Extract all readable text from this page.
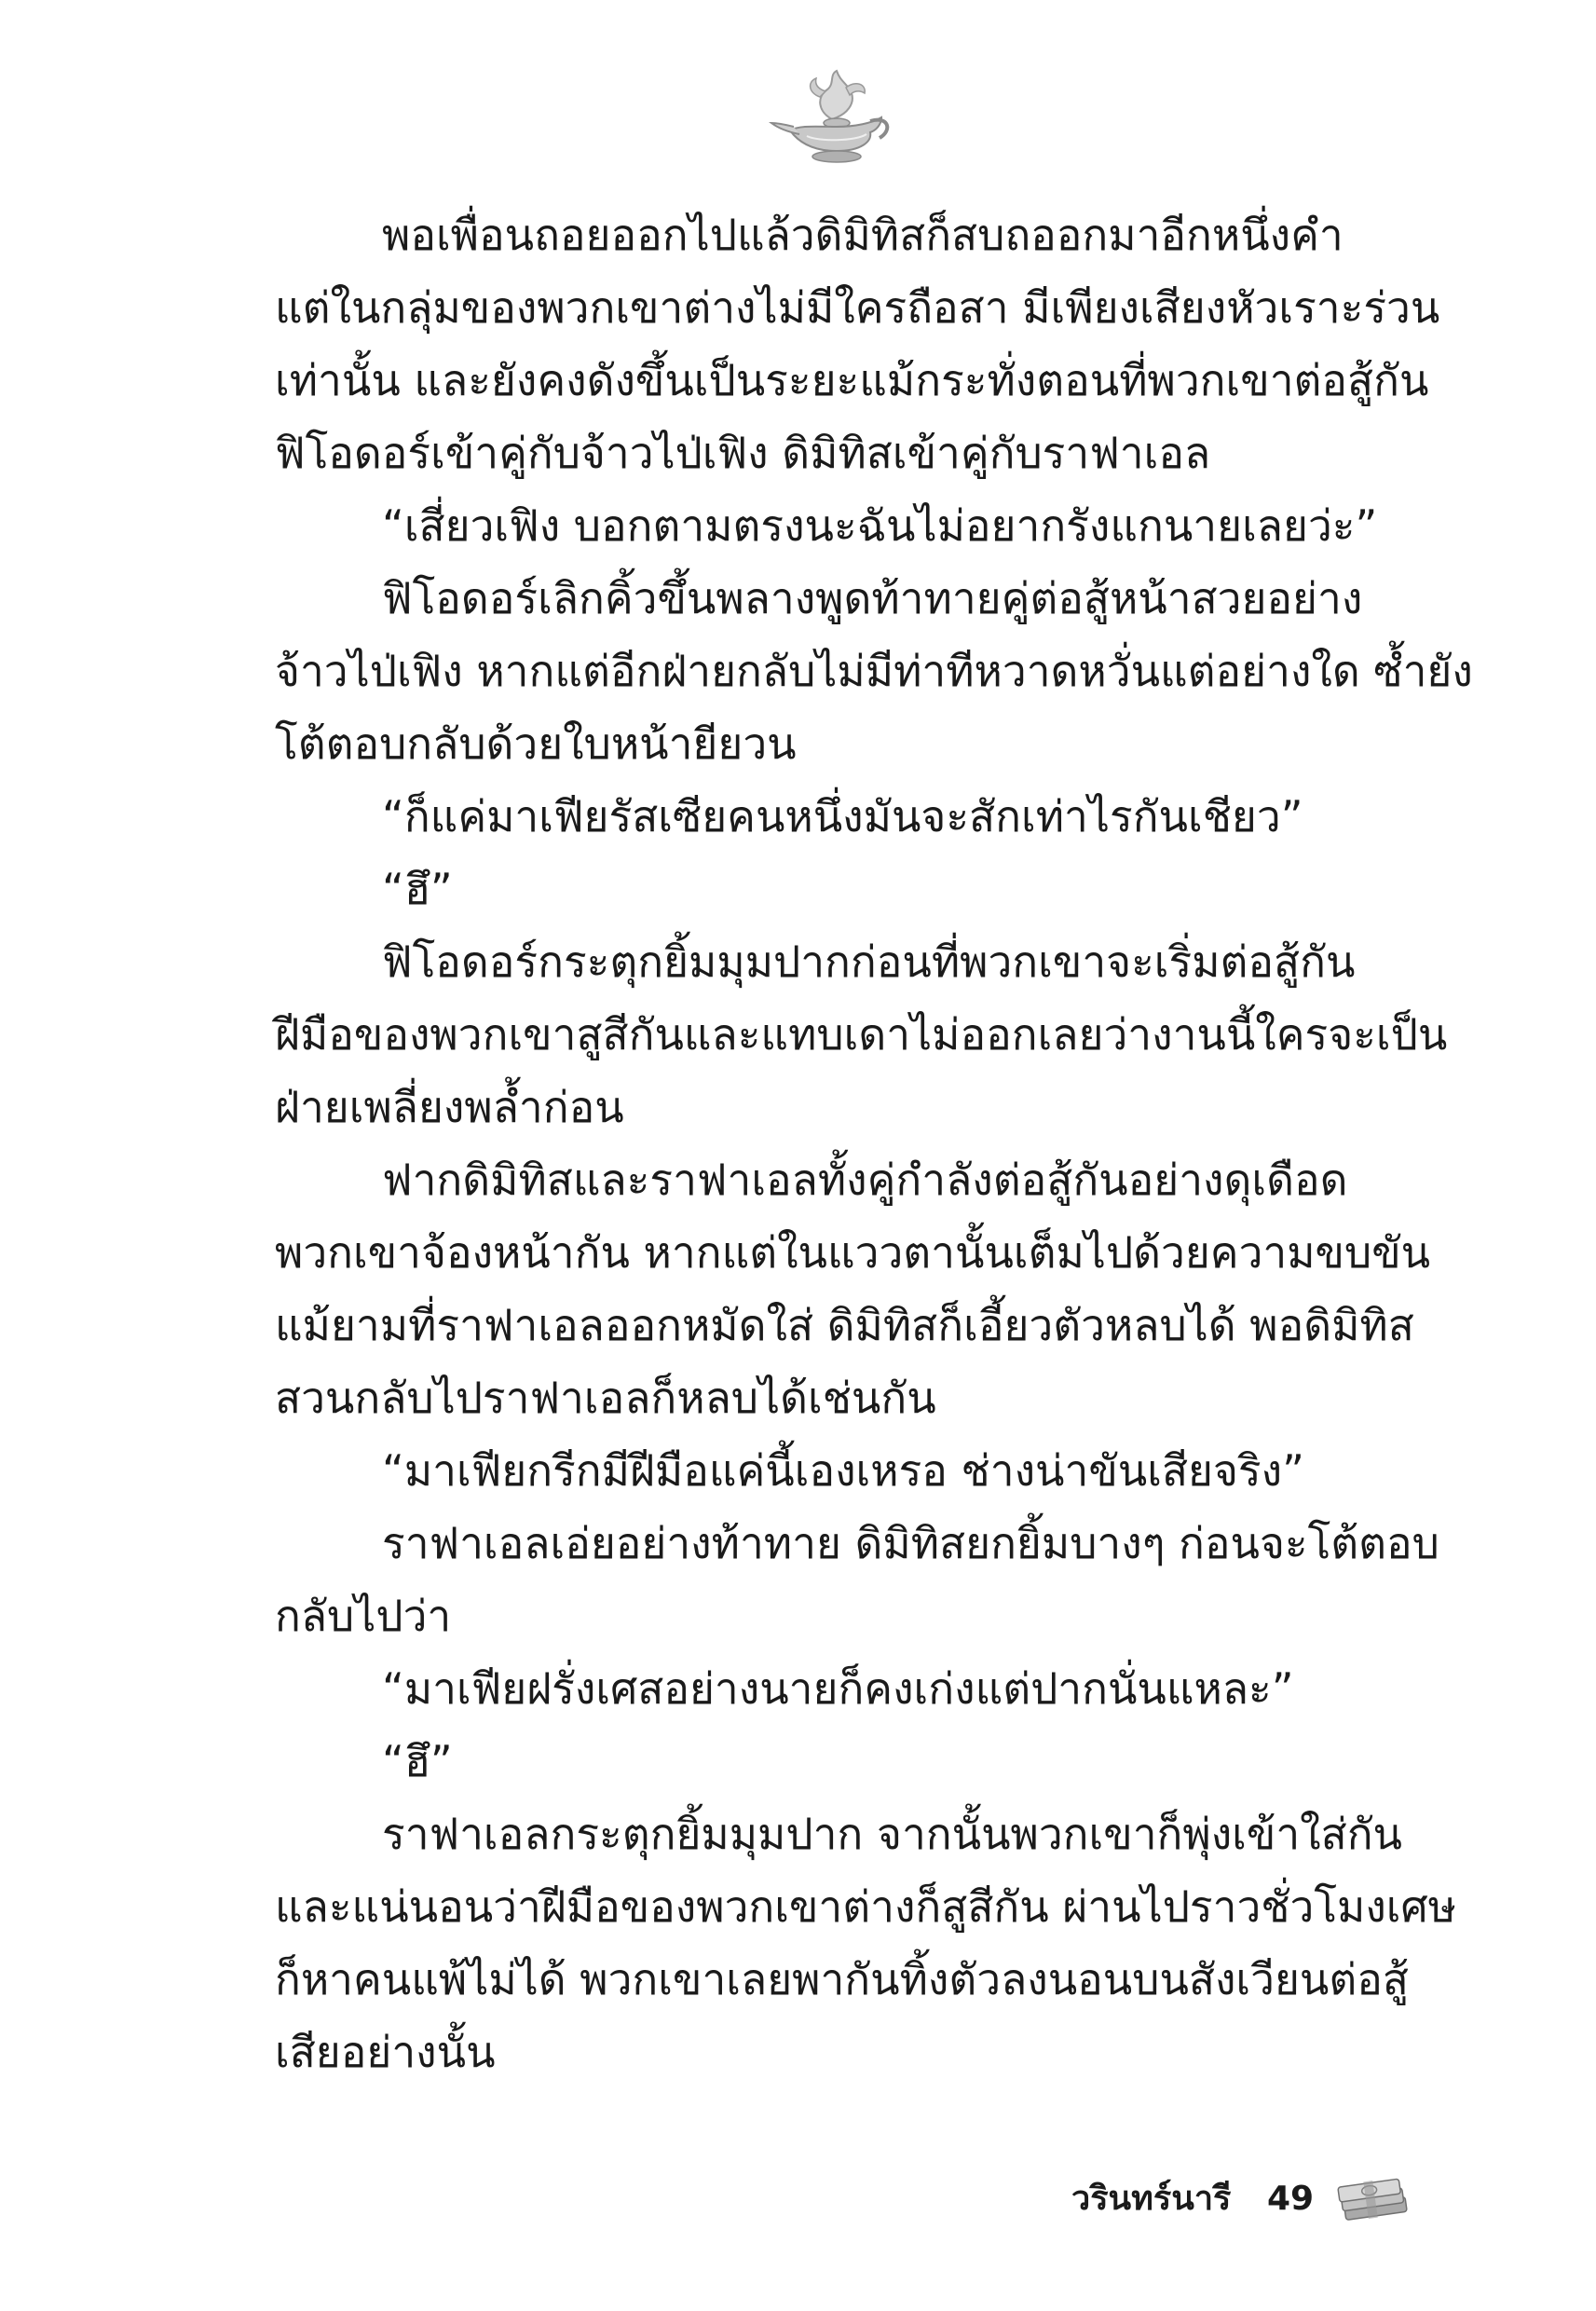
พอเพื่อนถอยออกไปแล้วดิมิทิสก็สบถออกมาอีกหนึ่งคำ
แต่ในกลุ่มของพวกเขาต่างไม่มีใครถือสา มีเพียงเสียงหัวเราะร่วน
เท่านั้น และยังคงดังขึ้นเป็นระยะแม้กระทั่งตอนที่พวกเขาต่อสู้กัน
ฟิโอดอร์เข้าคู่กับจ้าวไป่เฟิง ดิมิทิสเข้าคู่กับราฟาเอล
“เสี่ยวเฟิง บอกตามตรงนะฉันไม่อยากรังแกนายเลยว่ะ”
ฟิโอดอร์เลิกคิ้วขึ้นพลางพูดท้าทายคู่ต่อสู้หน้าสวยอย่าง
จ้าวไป่เฟิง หากแต่อีกฝ่ายกลับไม่มีท่าทีหวาดหวั่นแต่อย่างใด ซ้ำยัง
โต้ตอบกลับด้วยใบหน้ายียวน
“ก็แค่มาเฟียรัสเซียคนหนึ่งมันจะสักเท่าไรกันเชียว”
“ฮึ”
ฟิโอดอร์กระตุกยิ้มมุมปากก่อนที่พวกเขาจะเริ่มต่อสู้กัน
ฝีมือของพวกเขาสูสีกันและแทบเดาไม่ออกเลยว่างานนี้ใครจะเป็น
ฝ่ายเพลี่ยงพล้ำก่อน
ฟากดิมิทิสและราฟาเอลทั้งคู่กำลังต่อสู้กันอย่างดุเดือด
พวกเขาจ้องหน้ากัน หากแต่ในแววตานั้นเต็มไปด้วยความขบขัน
แม้ยามที่ราฟาเอลออกหมัดใส่ ดิมิทิสก็เอี้ยวตัวหลบได้ พอดิมิทิส
สวนกลับไปราฟาเอลก็หลบได้เช่นกัน
“มาเฟียกรีกมีฝีมือแค่นี้เองเหรอ ช่างน่าขันเสียจริง”
ราฟาเอลเอ่ยอย่างท้าทาย ดิมิทิสยกยิ้มบางๆ ก่อนจะโต้ตอบ
กลับไปว่า
“มาเฟียฝรั่งเศสอย่างนายก็คงเก่งแต่ปากนั่นแหละ”
“ฮึ”
ราฟาเอลกระตุกยิ้มมุมปาก จากนั้นพวกเขาก็พุ่งเข้าใส่กัน
และแน่นอนว่าฝีมือของพวกเขาต่างก็สูสีกัน ผ่านไปราวชั่วโมงเศษ
ก็หาคนแพ้ไม่ได้ พวกเขาเลยพากันทิ้งตัวลงนอนบนสังเวียนต่อสู้
เสียอย่างนั้น
วรินทร์นารี 49
